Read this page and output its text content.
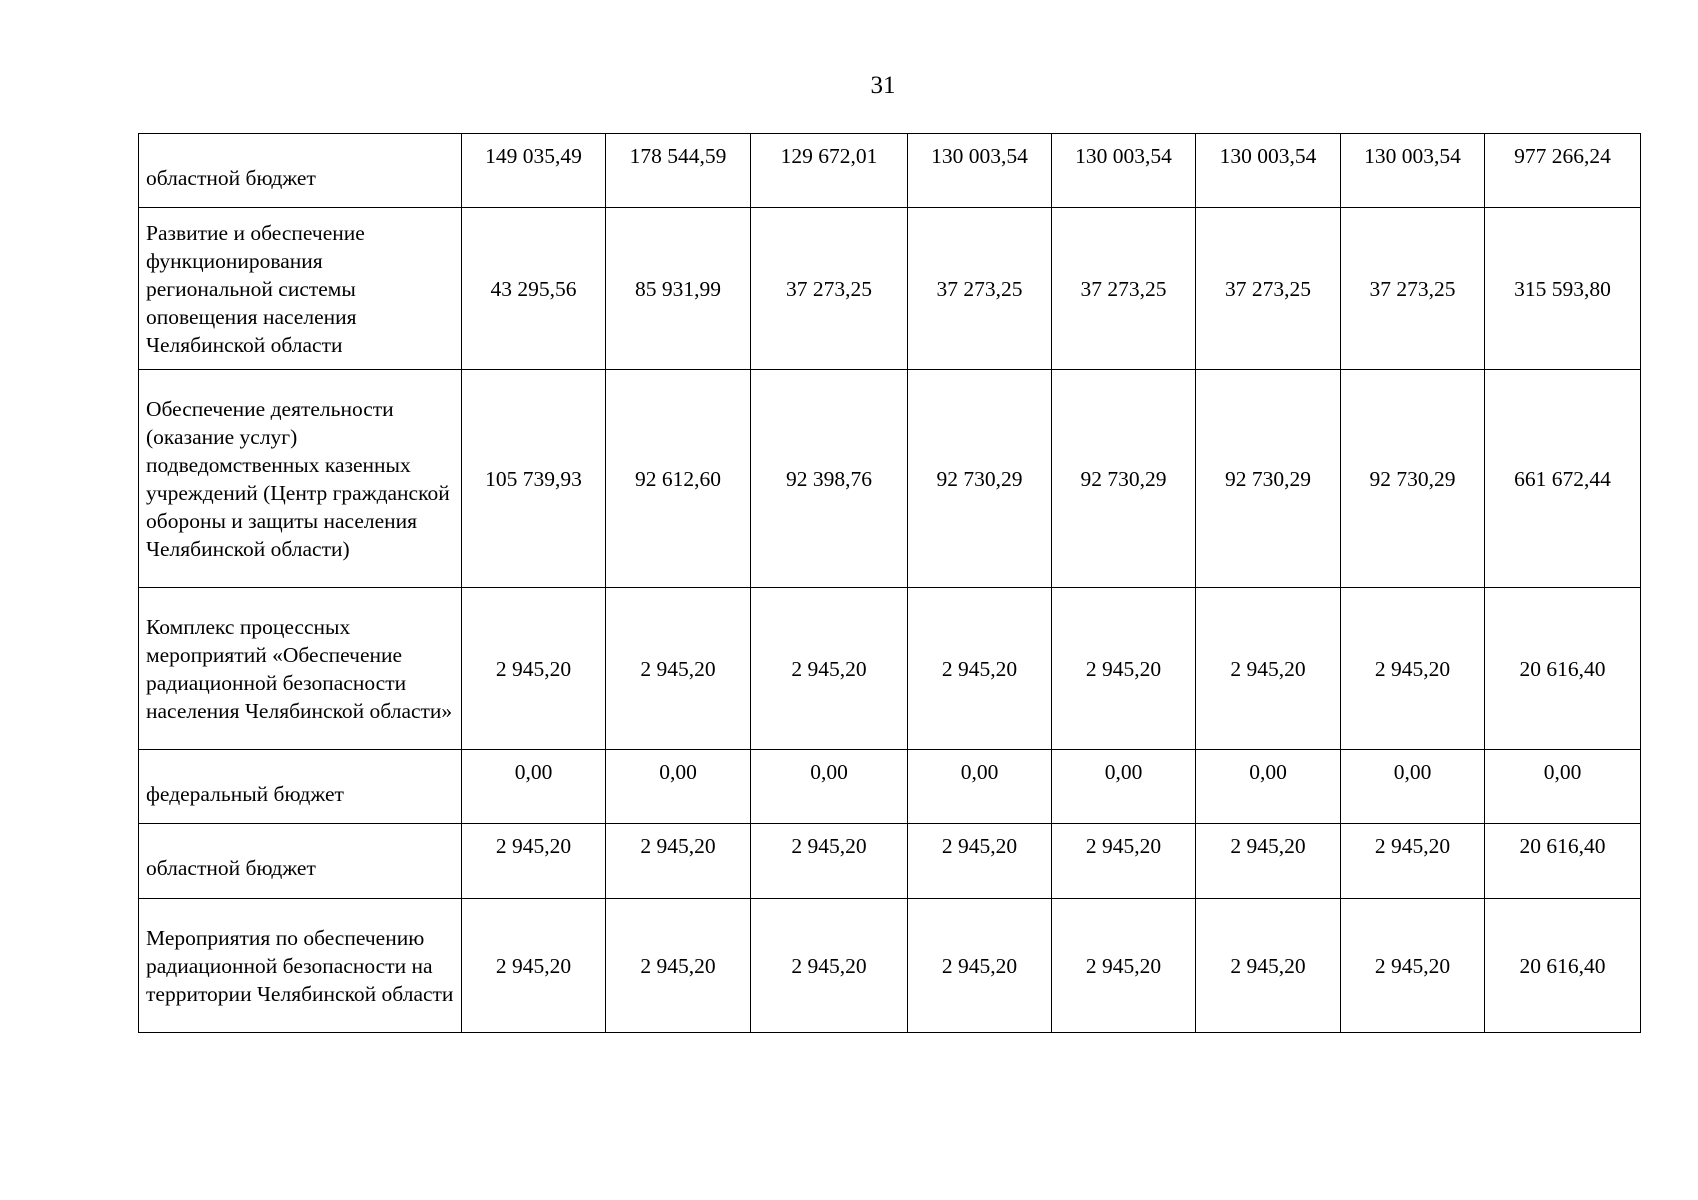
31
областной бюджет	149 035,49	178 544,59	129 672,01	130 003,54	130 003,54	130 003,54	130 003,54	977 266,24
Развитие и обеспечение функционирования региональной системы оповещения населения Челябинской области	43 295,56	85 931,99	37 273,25	37 273,25	37 273,25	37 273,25	37 273,25	315 593,80
Обеспечение деятельности (оказание услуг) подведомственных казенных учреждений (Центр гражданской обороны и защиты населения Челябинской области)	105 739,93	92 612,60	92 398,76	92 730,29	92 730,29	92 730,29	92 730,29	661 672,44
Комплекс процессных мероприятий «Обеспечение радиационной безопасности населения Челябинской области»	2 945,20	2 945,20	2 945,20	2 945,20	2 945,20	2 945,20	2 945,20	20 616,40
федеральный бюджет	0,00	0,00	0,00	0,00	0,00	0,00	0,00	0,00
областной бюджет	2 945,20	2 945,20	2 945,20	2 945,20	2 945,20	2 945,20	2 945,20	20 616,40
Мероприятия по обеспечению радиационной безопасности на территории Челябинской области	2 945,20	2 945,20	2 945,20	2 945,20	2 945,20	2 945,20	2 945,20	20 616,40
